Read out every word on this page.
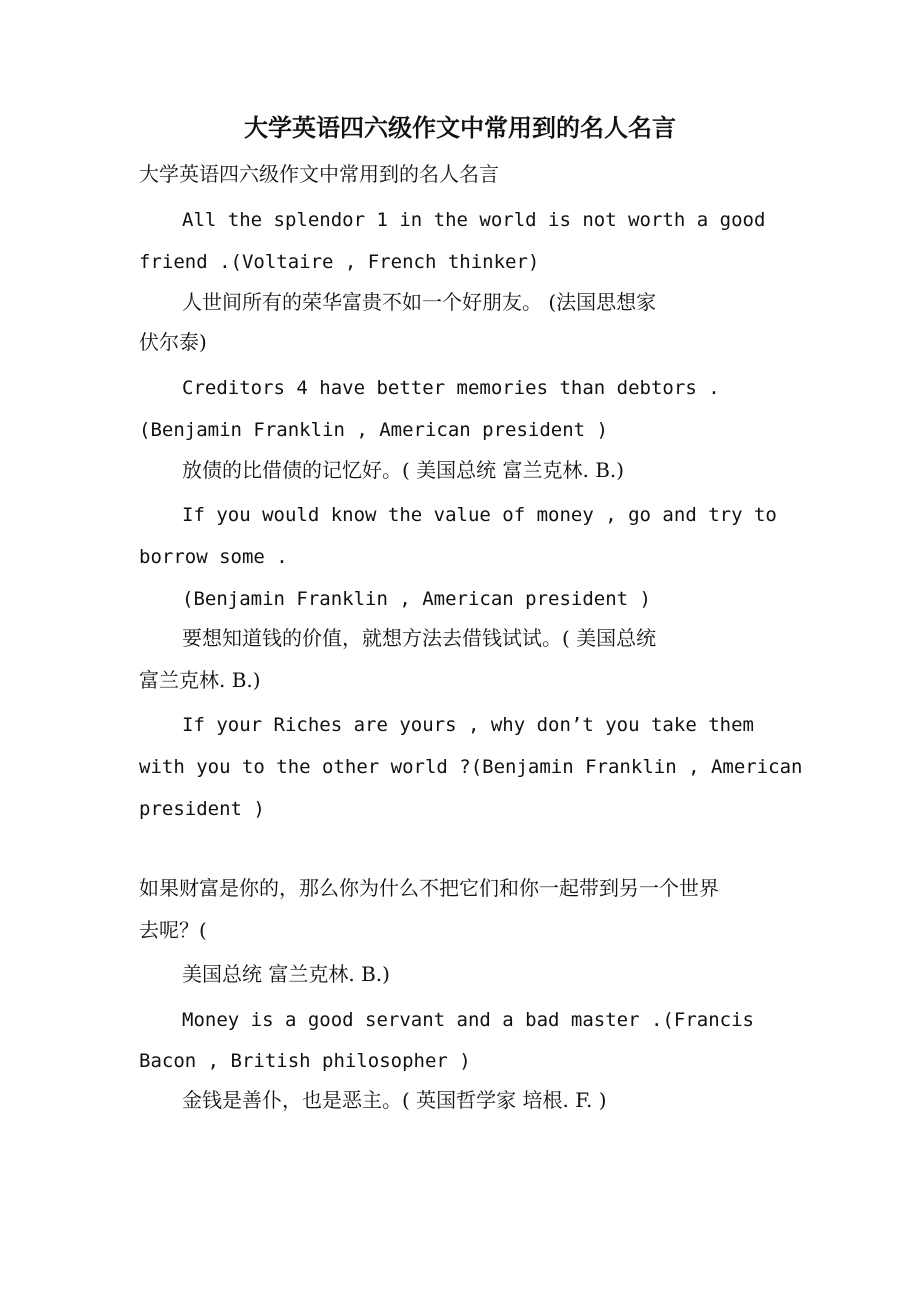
大学英语四六级作文中常用到的名人名言
大学英语四六级作文中常用到的名人名言
All the splendor 1 in the world is not worth a good
friend .(Voltaire , French thinker)
人世间所有的荣华富贵不如一个好朋友。 (法国思想家
伏尔泰)
Creditors 4 have better memories than debtors .
(Benjamin Franklin , American president )
放债的比借债的记忆好。( 美国总统 富兰克林. B.)
If you would know the value of money , go and try to
borrow some .
(Benjamin Franklin , American president )
要想知道钱的价值，就想方法去借钱试试。( 美国总统
富兰克林. B.)
If your Riches are yours , why don’t you take them
with you to the other world ?(Benjamin Franklin , American
president )
如果财富是你的，那么你为什么不把它们和你一起带到另一个世界
去呢？(
美国总统 富兰克林. B.)
Money is a good servant and a bad master .(Francis
Bacon , British philosopher )
金钱是善仆，也是恶主。( 英国哲学家 培根. F. )
